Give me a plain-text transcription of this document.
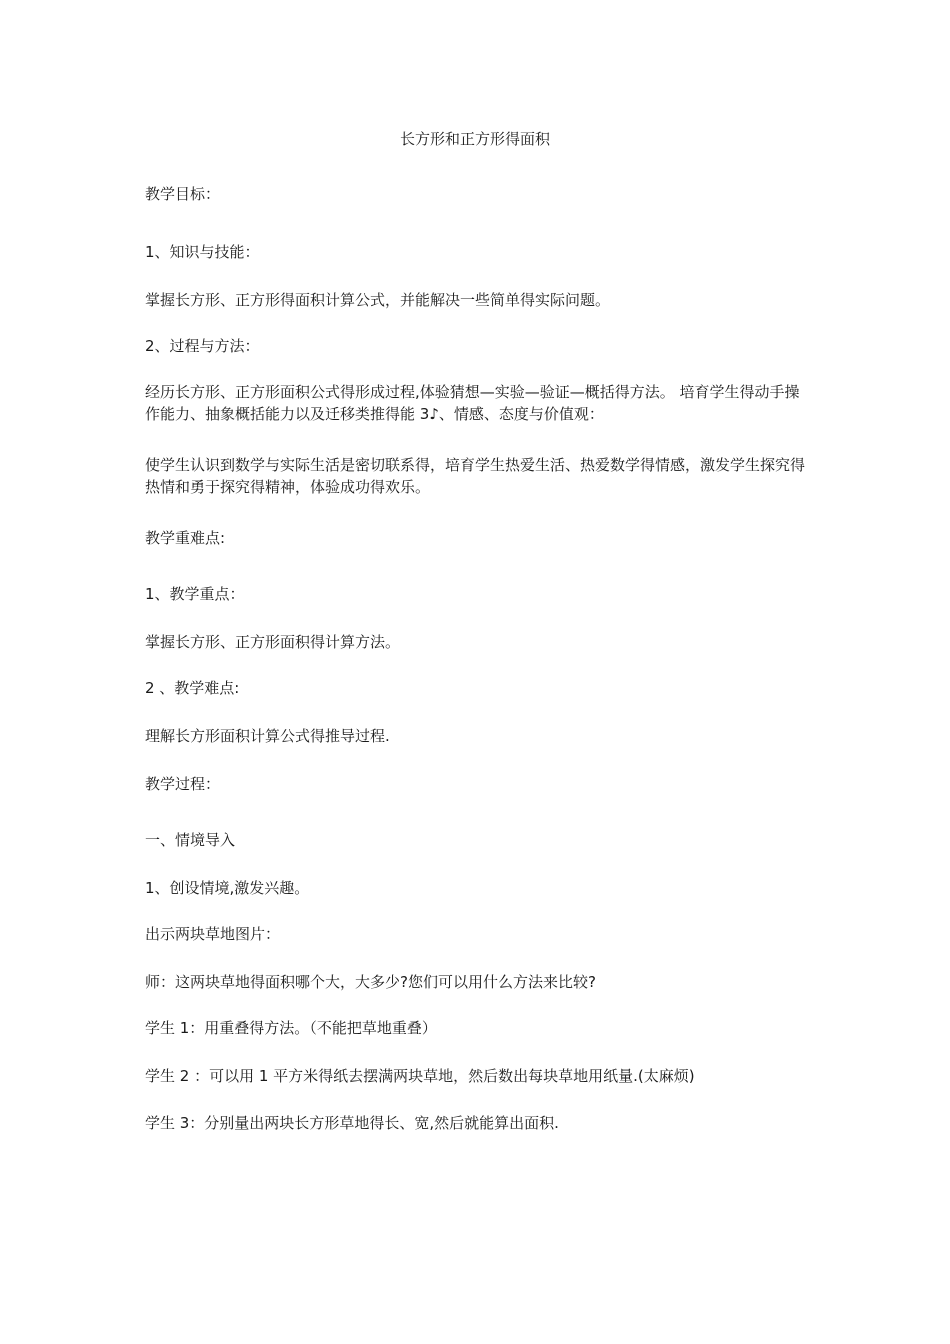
长方形和正方形得面积

教学目标：

1、知识与技能：

掌握长方形、正方形得面积计算公式，并能解决一些简单得实际问题。

2、过程与方法：

经历长方形、正方形面积公式得形成过程,体验猜想—实验—验证—概括得方法。 培育学生得动手操作能力、抽象概括能力以及迁移类推得能 3♪、情感、态度与价值观：

使学生认识到数学与实际生活是密切联系得，培育学生热爱生活、热爱数学得情感，激发学生探究得热情和勇于探究得精神，体验成功得欢乐。

教学重难点:

1、教学重点：

掌握长方形、正方形面积得计算方法。

2 、教学难点:

理解长方形面积计算公式得推导过程.

教学过程：

一、情境导入

1、创设情境,激发兴趣。

出示两块草地图片：

师：这两块草地得面积哪个大，大多少?您们可以用什么方法来比较?

学生 1：用重叠得方法。（不能把草地重叠）

学生 2 ：可以用 1 平方米得纸去摆满两块草地，然后数出每块草地用纸量.(太麻烦)

学生 3：分别量出两块长方形草地得长、宽,然后就能算出面积.
